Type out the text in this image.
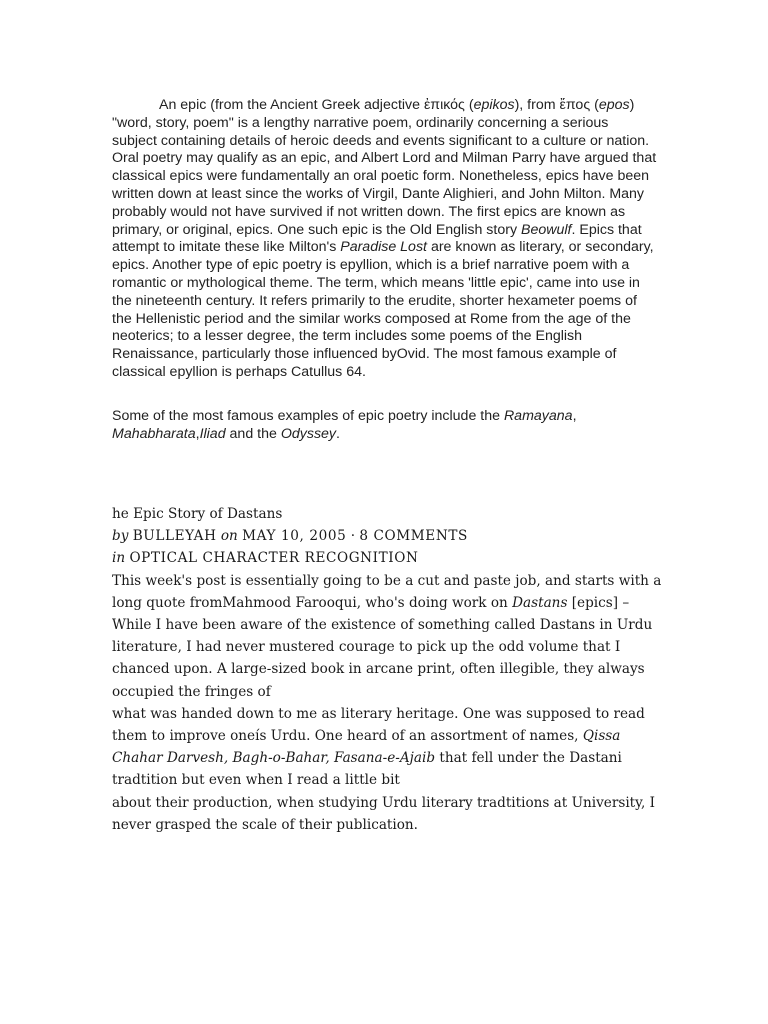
An epic (from the Ancient Greek adjective ἐπικός (epikos), from ἔπος (epos) "word, story, poem" is a lengthy narrative poem, ordinarily concerning a serious subject containing details of heroic deeds and events significant to a culture or nation. Oral poetry may qualify as an epic, and Albert Lord and Milman Parry have argued that classical epics were fundamentally an oral poetic form. Nonetheless, epics have been written down at least since the works of Virgil, Dante Alighieri, and John Milton. Many probably would not have survived if not written down. The first epics are known as primary, or original, epics. One such epic is the Old English story Beowulf. Epics that attempt to imitate these like Milton's Paradise Lost are known as literary, or secondary, epics. Another type of epic poetry is epyllion, which is a brief narrative poem with a romantic or mythological theme. The term, which means 'little epic', came into use in the nineteenth century. It refers primarily to the erudite, shorter hexameter poems of the Hellenistic period and the similar works composed at Rome from the age of the neoterics; to a lesser degree, the term includes some poems of the English Renaissance, particularly those influenced byOvid. The most famous example of classical epyllion is perhaps Catullus 64.

Some of the most famous examples of epic poetry include the Ramayana, Mahabharata,Iliad and the Odyssey.

he Epic Story of Dastans

by BULLEYAH on MAY 10, 2005 · 8 COMMENTS

in OPTICAL CHARACTER RECOGNITION

This week's post is essentially going to be a cut and paste job, and starts with a long quote fromMahmood Farooqui, who's doing work on Dastans [epics] –

While I have been aware of the existence of something called Dastans in Urdu literature, I had never mustered courage to pick up the odd volume that I chanced upon. A large-sized book in arcane print, often illegible, they always occupied the fringes of

what was handed down to me as literary heritage. One was supposed to read them to improve oneís Urdu. One heard of an assortment of names, Qissa Chahar Darvesh, Bagh-o-Bahar, Fasana-e-Ajaib that fell under the Dastani tradtition but even when I read a little bit

about their production, when studying Urdu literary tradtitions at University, I never grasped the scale of their publication.
